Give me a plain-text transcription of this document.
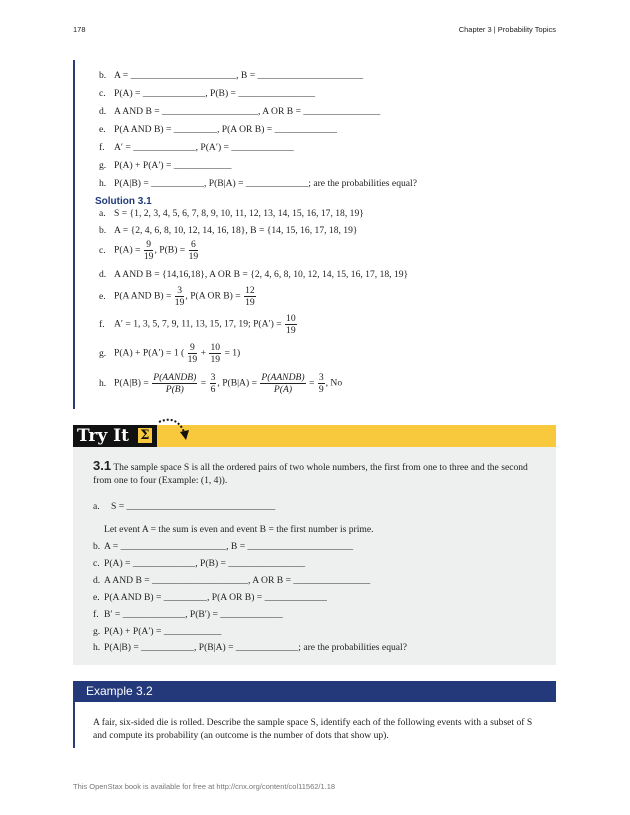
178	Chapter 3 | Probability Topics
b. A = ______________________, B = ______________________
c. P(A) = _____________, P(B) = ________________
d. A AND B = ____________________, A OR B = ________________
e. P(A AND B) = _________, P(A OR B) = _____________
f. A′ = _____________, P(A′) = _____________
g. P(A) + P(A′) = ____________
h. P(A|B) = ___________, P(B|A) = _____________; are the probabilities equal?
Solution 3.1
a. S = {1, 2, 3, 4, 5, 6, 7, 8, 9, 10, 11, 12, 13, 14, 15, 16, 17, 18, 19}
b. A = {2, 4, 6, 8, 10, 12, 14, 16, 18}, B = {14, 15, 16, 17, 18, 19}
c. $P(A) = \frac{9}{19}$ , $P(B) = \frac{6}{19}$
d. A AND B = {14,16,18}, A OR B = {2, 4, 6, 8, 10, 12, 14, 15, 16, 17, 18, 19}
e. P(A AND $B) = \frac{3}{19}$ , P(A OR $B) = \frac{12}{19}$
f. A′ = 1, 3, 5, 7, 9, 11, 13, 15, 17, 19; $P(A') = \frac{10}{19}$
g. P(A) + P(A′) = 1 ( $\frac{9}{19} + \frac{10}{19} = 1$)
h. $P(A|B) = \frac{\text{P(AANDB)}}{P(B)} = \frac{3}{6}$ , $P(B|A) = \frac{\text{P(AANDB)}}{P(A)} = \frac{3}{9}$ , No
Try It Σ
3.1 The sample space S is all the ordered pairs of two whole numbers, the first from one to three and the second from one to four (Example: (1, 4)).
a. S = _______________________________
Let event A = the sum is even and event B = the first number is prime.
b. A = ______________________, B = ______________________
c. P(A) = _____________, P(B) = ________________
d. A AND B = ____________________, A OR B = ________________
e. P(A AND B) = _________, P(A OR B) = _____________
f. B′ = _____________, P(B′) = _____________
g. P(A) + P(A′) = ____________
h. P(A|B) = ___________, P(B|A) = _____________; are the probabilities equal?
Example 3.2
A fair, six-sided die is rolled. Describe the sample space S, identify each of the following events with a subset of S and compute its probability (an outcome is the number of dots that show up).
This OpenStax book is available for free at http://cnx.org/content/col11562/1.18
